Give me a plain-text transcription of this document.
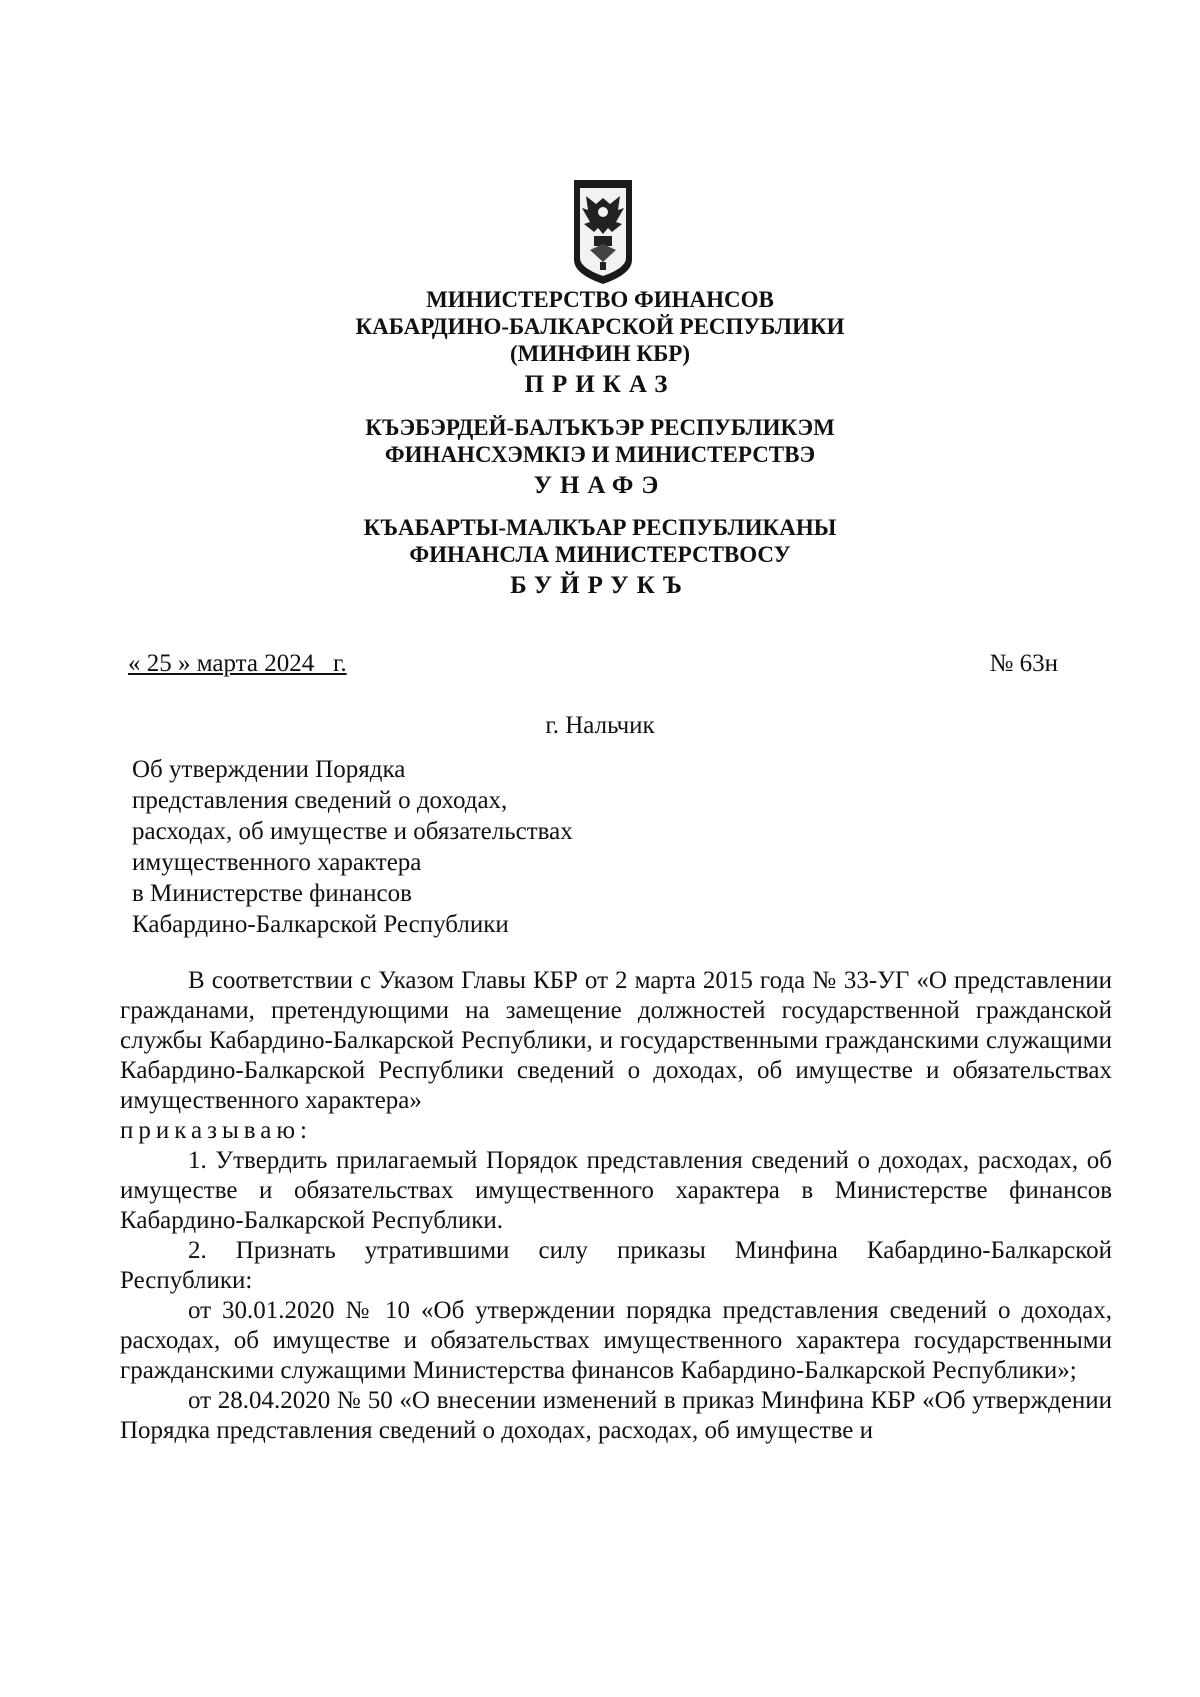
МИНИСТЕРСТВО ФИНАНСОВ
КАБАРДИНО-БАЛКАРСКОЙ РЕСПУБЛИКИ
(МИНФИН КБР)
ПРИКАЗ
КЪЭБЭРДЕЙ-БАЛЪКЪЭР РЕСПУБЛИКЭМ
ФИНАНСХЭМКIЭ И МИНИСТЕРСТВЭ
УНАФЭ
КЪАБАРТЫ-МАЛКЪАР РЕСПУБЛИКАНЫ
ФИНАНСЛА МИНИСТЕРСТВОСУ
БУЙРУКЪ
« 25 » марта 2024   г.	№ 63н
г. Нальчик
Об утверждении Порядка
представления сведений о доходах,
расходах, об имуществе и обязательствах
имущественного характера
в Министерстве финансов
Кабардино-Балкарской Республики

В соответствии с Указом Главы КБР от 2 марта 2015 года № 33-УГ «О представлении гражданами, претендующими на замещение должностей государственной гражданской службы Кабардино-Балкарской Республики, и государственными гражданскими служащими Кабардино-Балкарской Республики сведений о доходах, об имуществе и обязательствах имущественного характера»

приказываю:

1. Утвердить прилагаемый Порядок представления сведений о доходах, расходах, об имуществе и обязательствах имущественного характера в Министерстве финансов Кабардино-Балкарской Республики.

2. Признать утратившими силу приказы Минфина Кабардино-Балкарской Республики:

от 30.01.2020 № 10 «Об утверждении порядка представления сведений о доходах, расходах, об имуществе и обязательствах имущественного характера государственными гражданскими служащими Министерства финансов Кабардино-Балкарской Республики»;

от 28.04.2020 № 50 «О внесении изменений в приказ Минфина КБР «Об утверждении Порядка представления сведений о доходах, расходах, об имуществе и
